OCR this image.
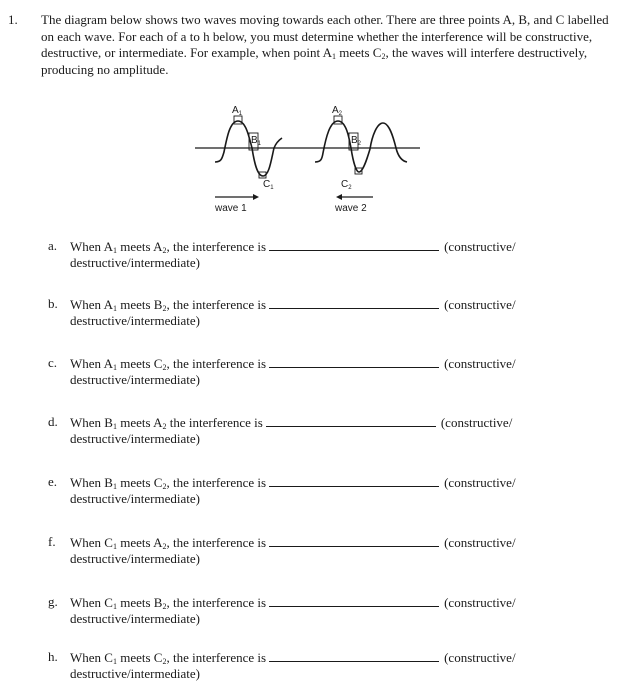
1. The diagram below shows two waves moving towards each other. There are three points A, B, and C labelled on each wave. For each of a to h below, you must determine whether the interference will be constructive, destructive, or intermediate. For example, when point $A_1$ meets $C_2$, the waves will interfere destructively, producing no amplitude.
$A_1$
$B_1$
$C_1$
$A_2$
$B_2$
$C_2$
wave 1	wave 2
a. When $A_1$ meets $A_2$, the interference is	(constructive/
destructive/intermediate)
b. When $A_1$ meets $B_2$, the interference is	(constructive/
destructive/intermediate)
c. When $A_1$ meets $C_2$, the interference is	(constructive/
destructive/intermediate)
d. When $B_1$ meets $A_2$ the interference is	(constructive/
destructive/intermediate)
e. When $B_1$ meets $C_2$, the interference is	(constructive/
destructive/intermediate)
f. When $C_1$ meets $A_2$, the interference is	(constructive/
destructive/intermediate)
g. When $C_1$ meets $B_2$, the interference is	(constructive/
destructive/intermediate)
h. When $C_1$ meets $C_2$, the interference is	(constructive/
destructive/intermediate)
